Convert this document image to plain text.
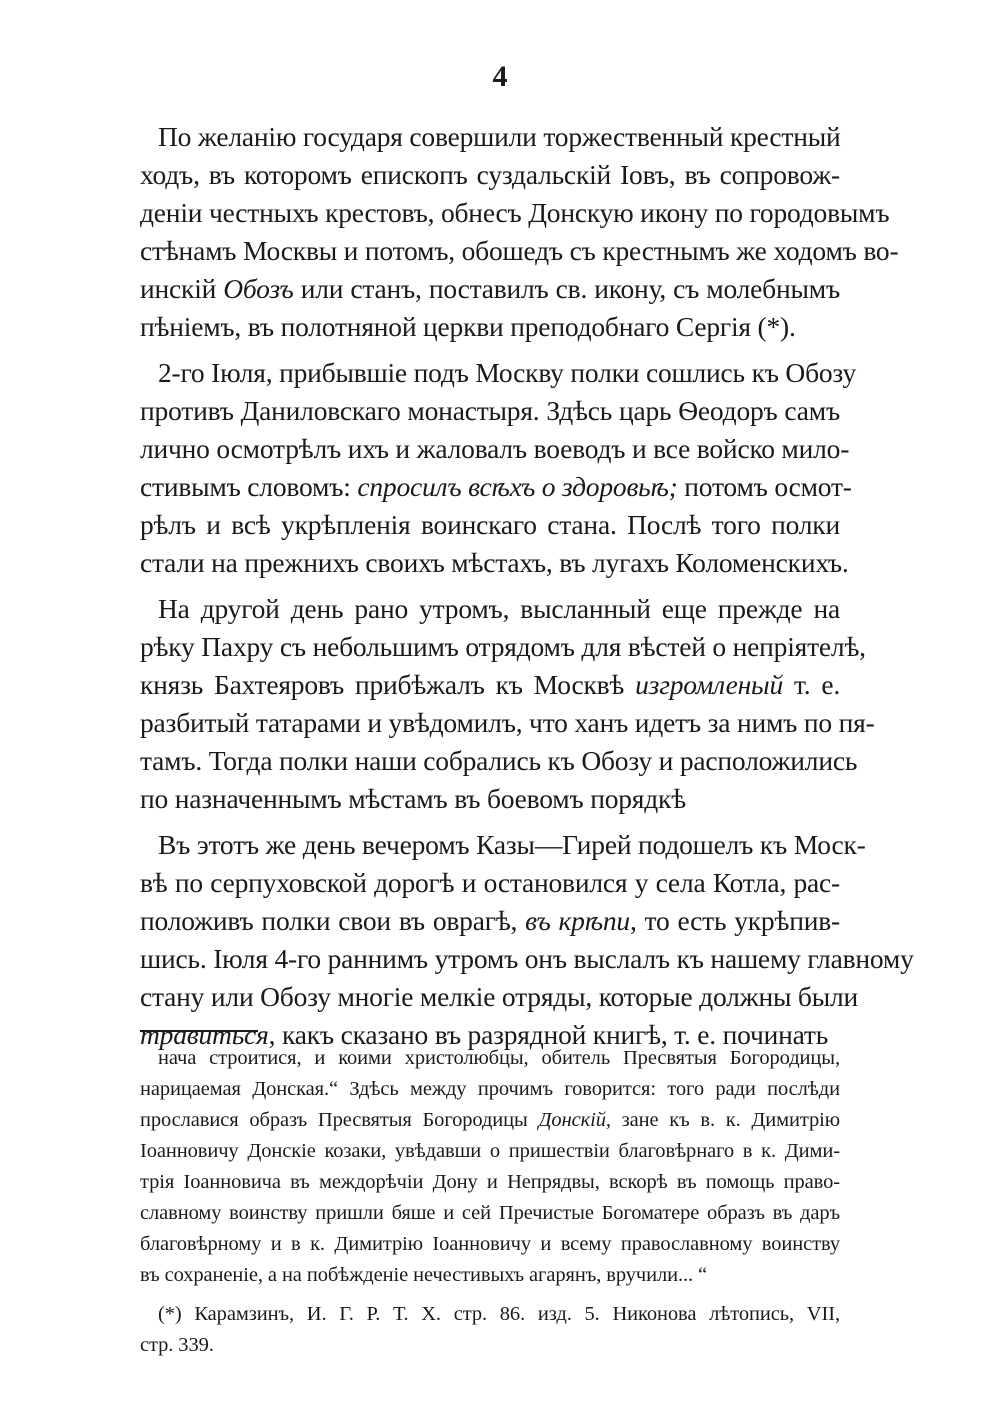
4
По желанію государя совершили торжественный крестный
ходъ, въ которомъ епископъ суздальскій Іовъ, въ сопровож-
деніи честныхъ крестовъ, обнесъ Донскую икону по городовымъ
стѣнамъ Москвы и потомъ, обошедъ съ крестнымъ же ходомъ во-
инскій Обозъ или станъ, поставилъ св. икону, съ молебнымъ
пѣніемъ, въ полотняной церкви преподобнаго Сергія (*).
2-го Іюля, прибывшіе подъ Москву полки сошлись къ Обозу
противъ Даниловскаго монастыря. Здѣсь царь Ѳеодоръ самъ
лично осмотрѣлъ ихъ и жаловалъ воеводъ и все войско мило-
стивымъ словомъ: спросилъ всѣхъ о здоровьѣ; потомъ осмот-
рѣлъ и всѣ укрѣпленія воинскаго стана. Послѣ того полки
стали на прежнихъ своихъ мѣстахъ, въ лугахъ Коломенскихъ.
На другой день рано утромъ, высланный еще прежде на
рѣку Пахру съ небольшимъ отрядомъ для вѣстей о непріятелѣ,
князь Бахтеяровъ прибѣжалъ къ Москвѣ изгромленый т. е.
разбитый татарами и увѣдомилъ, что ханъ идетъ за нимъ по пя-
тамъ. Тогда полки наши собрались къ Обозу и расположились
по назначеннымъ мѣстамъ въ боевомъ порядкѣ
Въ этотъ же день вечеромъ Казы—Гирей подошелъ къ Моск-
вѣ по серпуховской дорогѣ и остановился у села Котла, рас-
положивъ полки свои въ оврагѣ, въ крѣпи, то есть укрѣпив-
шись. Іюля 4-го раннимъ утромъ онъ выслалъ къ нашему главному
стану или Обозу многіе мелкіе отряды, которые должны были
травиться, какъ сказано въ разрядной книгѣ, т. е. починать
нача строитися, и коими христолюбцы, обитель Пресвятыя Богородицы,
нарицаемая Донская.“ Здѣсь между прочимъ говорится: того ради послѣди
прославися образъ Пресвятыя Богородицы Донскій, зане къ в. к. Димитрію
Іоанновичу Донскіе козаки, увѣдавши о пришествіи благовѣрнаго в к. Дими-
трія Іоанновича въ междорѣчіи Дону и Непрядвы, вскорѣ въ помощь право-
славному воинству пришли бяше и сей Пречистые Богоматере образъ въ даръ
благовѣрному и в к. Димитрію Іоанновичу и всему православному воинству
въ сохраненіе, а на побѣжденіе нечестивыхъ агарянъ, вручили... “
(*) Карамзинъ, И. Г. Р. Т. X. стр. 86. изд. 5. Никонова лѣтопись, VII,
стр. 339.
